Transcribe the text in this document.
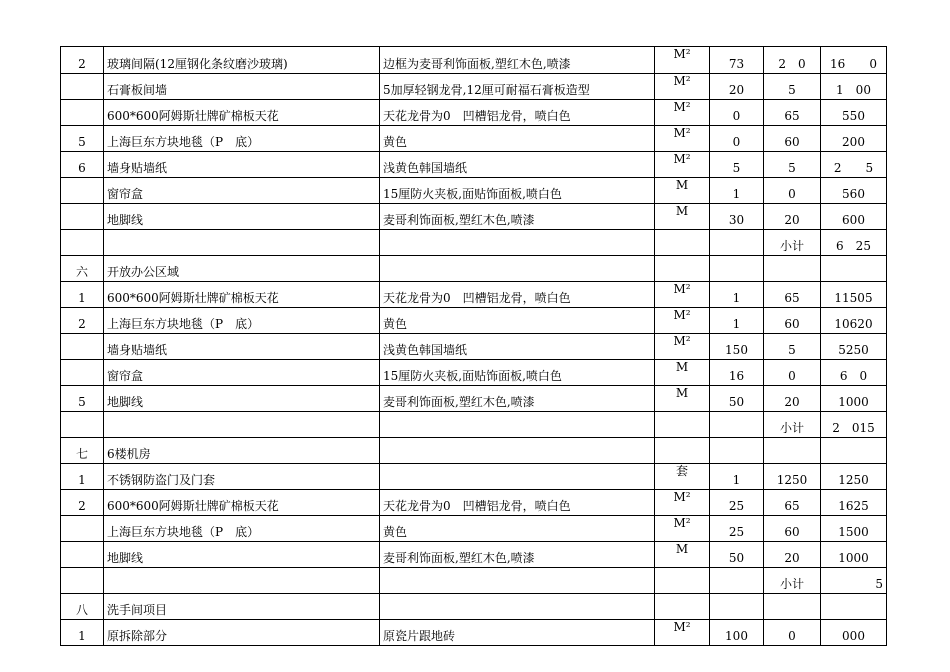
2	玻璃间隔(12厘钢化条纹磨沙玻璃)	边框为麦哥利饰面板,塑红木色,喷漆	M²	73	2　0	16　　0
	石膏板间墙	5加厚轻钢龙骨,12厘可耐福石膏板造型	M²	20	5	1　00
	600*600阿姆斯壮牌矿棉板天花	天花龙骨为0　凹槽铝龙骨，喷白色	M²	0	65	550
5	上海巨东方块地毯（P　底）	黄色	M²	0	60	200
6	墙身贴墙纸	浅黄色韩国墙纸	M²	5	5	2　　5
	窗帘盒	15厘防火夹板,面贴饰面板,喷白色	M	1	0	560
	地脚线	麦哥利饰面板,塑红木色,喷漆	M	30	20	600
					小计	6　25
六	开放办公区域					
1	600*600阿姆斯壮牌矿棉板天花	天花龙骨为0　凹槽铝龙骨，喷白色	M²	1	65	11505
2	上海巨东方块地毯（P　底）	黄色	M²	1	60	10620
	墙身贴墙纸	浅黄色韩国墙纸	M²	150	5	5250
	窗帘盒	15厘防火夹板,面贴饰面板,喷白色	M	16	0	6　0
5	地脚线	麦哥利饰面板,塑红木色,喷漆	M	50	20	1000
					小计	2　015
七	6楼机房					
1	不锈钢防盗门及门套		套	1	1250	1250
2	600*600阿姆斯壮牌矿棉板天花	天花龙骨为0　凹槽铝龙骨，喷白色	M²	25	65	1625
	上海巨东方块地毯（P　底）	黄色	M²	25	60	1500
	地脚线	麦哥利饰面板,塑红木色,喷漆	M	50	20	1000
					小计	5
八	洗手间项目					
1	原拆除部分	原瓷片跟地砖	M²	100	0	000
